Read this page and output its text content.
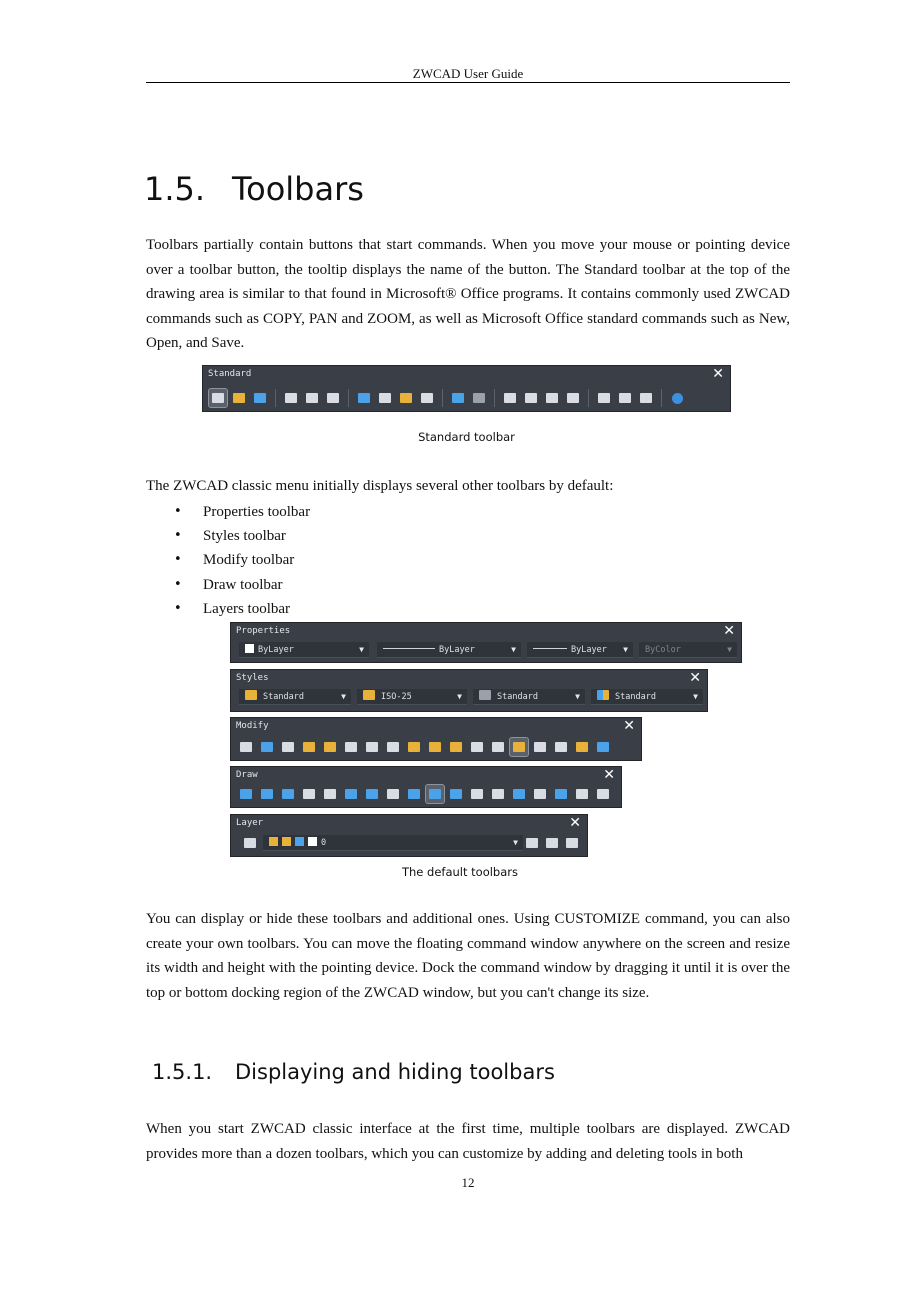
ZWCAD User Guide
1.5. Toolbars

Toolbars partially contain buttons that start commands. When you move your mouse or pointing device over a toolbar button, the tooltip displays the name of the button. The Standard toolbar at the top of the drawing area is similar to that found in Microsoft® Office programs. It contains commonly used ZWCAD commands such as COPY, PAN and ZOOM, as well as Microsoft Office standard commands such as New, Open, and Save.

Standard	✕
Standard toolbar

The ZWCAD classic menu initially displays several other toolbars by default:

• Properties toolbar
• Styles toolbar
• Modify toolbar
• Draw toolbar
• Layers toolbar
Properties	✕
ByLayer	▼	ByLayer	▼	ByLayer ▼	ByColor	▼
Styles	✕
Standard	▼	ISO-25	▼	Standard	▼	Standard	▼
Modify	✕
Draw	✕
Layer	✕
0	▼
The default toolbars

You can display or hide these toolbars and additional ones. Using CUSTOMIZE command, you can also create your own toolbars. You can move the floating command window anywhere on the screen and resize its width and height with the pointing device. Dock the command window by dragging it until it is over the top or bottom docking region of the ZWCAD window, but you can't change its size.

1.5.1. Displaying and hiding toolbars

When you start ZWCAD classic interface at the first time, multiple toolbars are displayed. ZWCAD provides more than a dozen toolbars, which you can customize by adding and deleting tools in both

12
